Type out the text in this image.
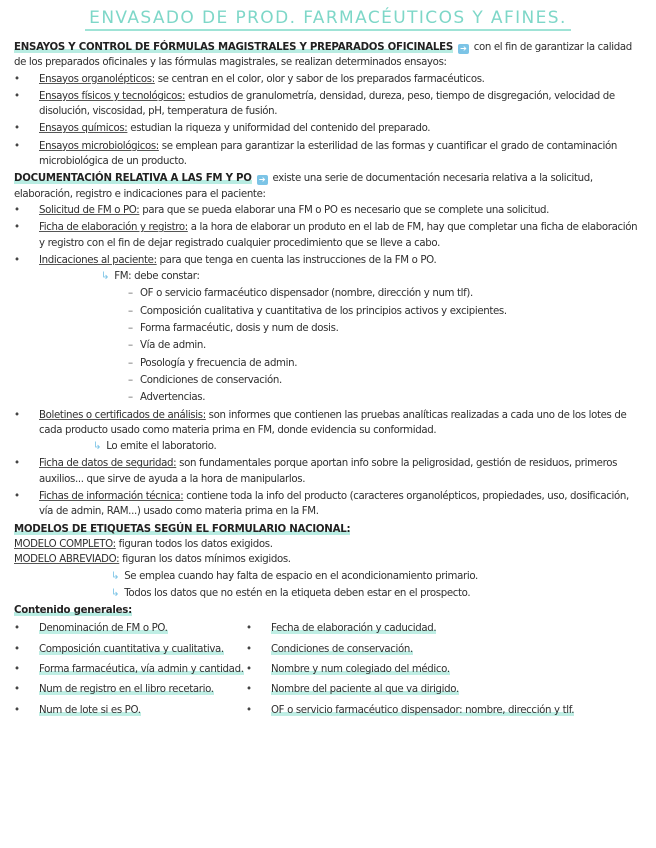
ENVASADO DE PROD. FARMACÉUTICOS Y AFINES.

ENSAYOS Y CONTROL DE FÓRMULAS MAGISTRALES Y PREPARADOS OFICINALES ➔ con el fin de garantizar la calidad de los preparados oficinales y las fórmulas magistrales, se realizan determinados ensayos:

• Ensayos organolépticos: se centran en el color, olor y sabor de los preparados farmacéuticos.
• Ensayos físicos y tecnológicos: estudios de granulometría, densidad, dureza, peso, tiempo de disgregación, velocidad de disolución, viscosidad, pH, temperatura de fusión.
• Ensayos químicos: estudian la riqueza y uniformidad del contenido del preparado.
• Ensayos microbiológicos: se emplean para garantizar la esterilidad de las formas y cuantificar el grado de contaminación microbiológica de un producto.

DOCUMENTACIÓN RELATIVA A LAS FM Y PO ➔ existe una serie de documentación necesaria relativa a la solicitud, elaboración, registro e indicaciones para el paciente:

• Solicitud de FM o PO: para que se pueda elaborar una FM o PO es necesario que se complete una solicitud.
• Ficha de elaboración y registro: a la hora de elaborar un produto en el lab de FM, hay que completar una ficha de elaboración y registro con el fin de dejar registrado cualquier procedimiento que se lleve a cabo.
• Indicaciones al paciente: para que tenga en cuenta las instrucciones de la FM o PO.
↳ FM: debe constar:
– OF o servicio farmacéutico dispensador (nombre, dirección y num tlf).
– Composición cualitativa y cuantitativa de los principios activos y excipientes.
– Forma farmacéutic, dosis y num de dosis.
– Vía de admin.
– Posología y frecuencia de admin.
– Condiciones de conservación.
– Advertencias.
• Boletines o certificados de análisis: son informes que contienen las pruebas analíticas realizadas a cada uno de los lotes de cada producto usado como materia prima en FM, donde evidencia su conformidad.
↳ Lo emite el laboratorio.
• Ficha de datos de seguridad: son fundamentales porque aportan info sobre la peligrosidad, gestión de residuos, primeros auxilios... que sirve de ayuda a la hora de manipularlos.
• Fichas de información técnica: contiene toda la info del producto (caracteres organolépticos, propiedades, uso, dosificación, vía de admin, RAM...) usado como materia prima en la FM.

MODELOS DE ETIQUETAS SEGÚN EL FORMULARIO NACIONAL:

MODELO COMPLETO: figuran todos los datos exigidos.

MODELO ABREVIADO: figuran los datos mínimos exigidos.

↳ Se emplea cuando hay falta de espacio en el acondicionamiento primario.
↳ Todos los datos que no estén en la etiqueta deben estar en el prospecto.

Contenido generales:

• Denominación de FM o PO.
• Composición cuantitativa y cualitativa.
• Forma farmacéutica, vía admin y cantidad.
• Num de registro en el libro recetario.
• Num de lote si es PO.
• Fecha de elaboración y caducidad.
• Condiciones de conservación.
• Nombre y num colegiado del médico.
• Nombre del paciente al que va dirigido.
• OF o servicio farmacéutico dispensador: nombre, dirección y tlf.
